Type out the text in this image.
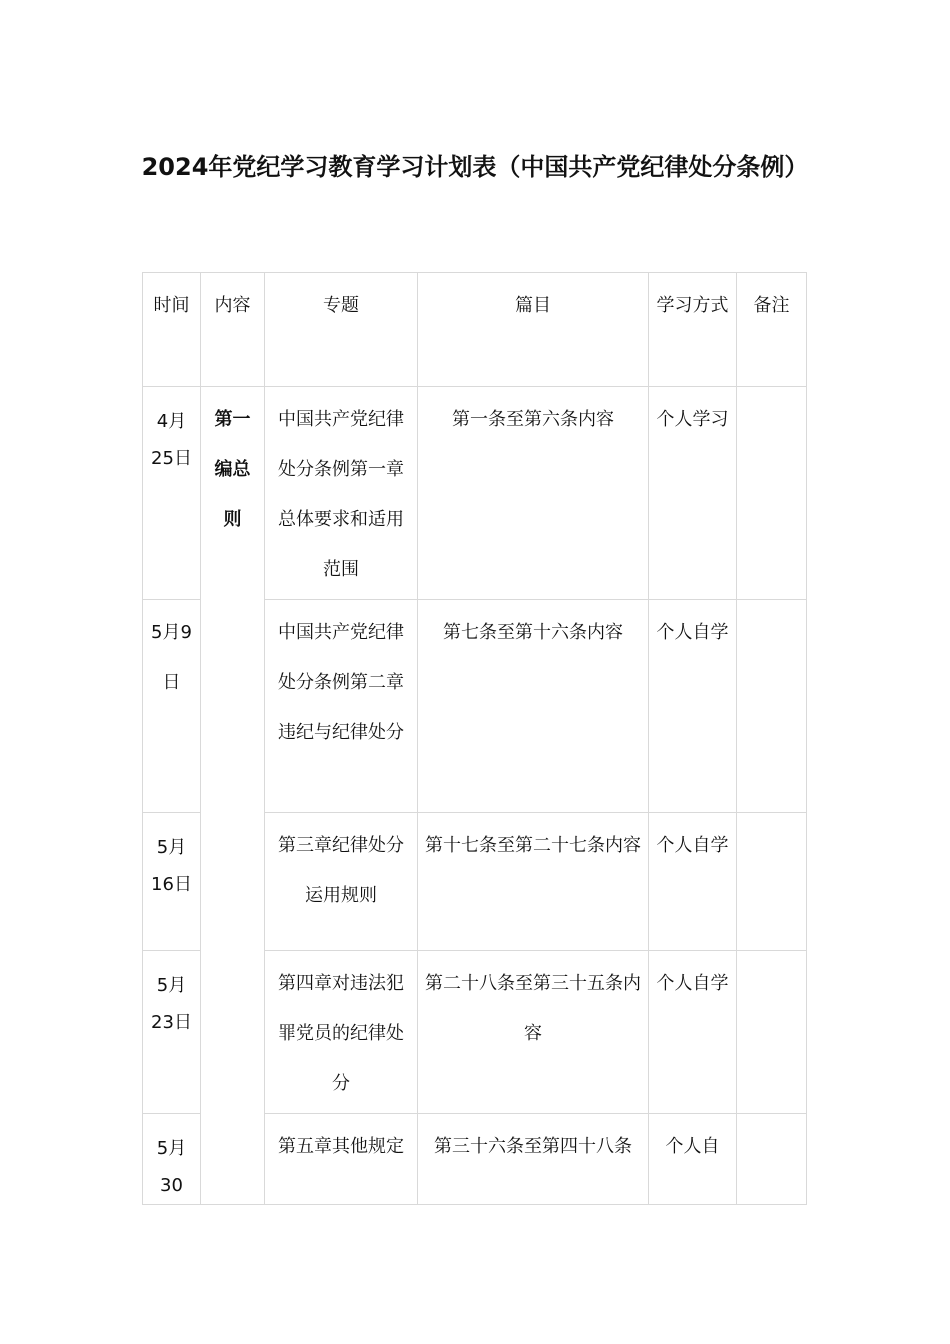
2024年党纪学习教育学习计划表（中国共产党纪律处分条例）
时间	内容	专题	篇目	学习方式	备注
4月25日	第一编总则	中国共产党纪律处分条例第一章总体要求和适用范围	第一条至第六条内容	个人学习	
5月9日		中国共产党纪律处分条例第二章违纪与纪律处分	第七条至第十六条内容	个人自学	
5月16日		第三章纪律处分运用规则	第十七条至第二十七条内容	个人自学	
5月23日		第四章对违法犯罪党员的纪律处分	第二十八条至第三十五条内容	个人自学	
5月30		第五章其他规定	第三十六条至第四十八条	个人自	
